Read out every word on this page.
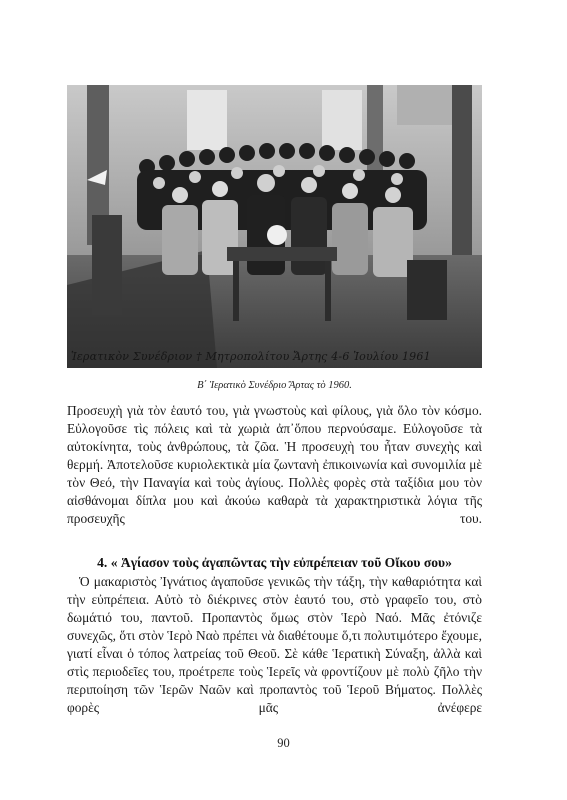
Ἱερατικὸν Συνέδριον † Μητροπολίτου Ἄρτης 4-6 Ἰουλίου 1961
Β΄ Ἱερατικὸ Συνέδριο Ἄρτας τὸ 1960.
Προσευχὴ γιὰ τὸν ἑαυτό του, γιὰ γνωστοὺς καὶ φίλους, γιὰ ὅλο τὸν κόσμο. Εὐλογοῦσε τὶς πόλεις καὶ τὰ χωριὰ ἀπ᾿ὅπου περνούσαμε. Εὐλογοῦσε τὰ αὐτοκίνητα, τοὺς ἀνθρώπους, τὰ ζῶα. Ἡ προσευχὴ του ἦταν συνεχὴς καὶ θερμή. Ἀποτελοῦσε κυριολεκτικὰ μία ζωντανὴ ἐπικοινωνία καὶ συνομιλία μὲ τὸν Θεό, τὴν Παναγία καὶ τοὺς ἁγίους. Πολλὲς φορὲς στὰ ταξίδια μου τὸν αἰσθάνομαι δίπλα μου καὶ ἀκούω καθαρὰ τὰ χαρακτηριστικὰ λόγια τῆς προσευχῆς του.
4. « Ἁγίασον τοὺς ἀγαπῶντας τὴν εὐπρέπειαν τοῦ Οἴκου σου»
Ὁ μακαριστὸς Ἰγνάτιος ἀγαποῦσε γενικῶς τὴν τάξη, τὴν καθαριότητα καὶ τὴν εὐπρέπεια. Αὐτὸ τὸ διέκρινες στὸν ἑαυτό του, στὸ γραφεῖο του, στὸ δωμάτιό του, παντοῦ. Προπαντὸς ὅμως στὸν Ἱερὸ Ναό. Μᾶς ἐτόνιζε συνεχῶς, ὅτι στὸν Ἱερὸ Ναὸ πρέπει νὰ διαθέτουμε ὅ,τι πολυτιμότερο ἔχουμε, γιατί εἶναι ὁ τόπος λατρείας τοῦ Θεοῦ. Σὲ κάθε Ἱερατικὴ Σύναξη, ἀλλὰ καὶ στὶς περιοδεῖες του, προέτρεπε τοὺς Ἱερεῖς νὰ φροντίζουν μὲ πολὺ ζῆλο τὴν περιποίηση τῶν Ἱερῶν Ναῶν καὶ προπαντὸς τοῦ Ἱεροῦ Βήματος. Πολλὲς φορὲς μᾶς ἀνέφερε
90
